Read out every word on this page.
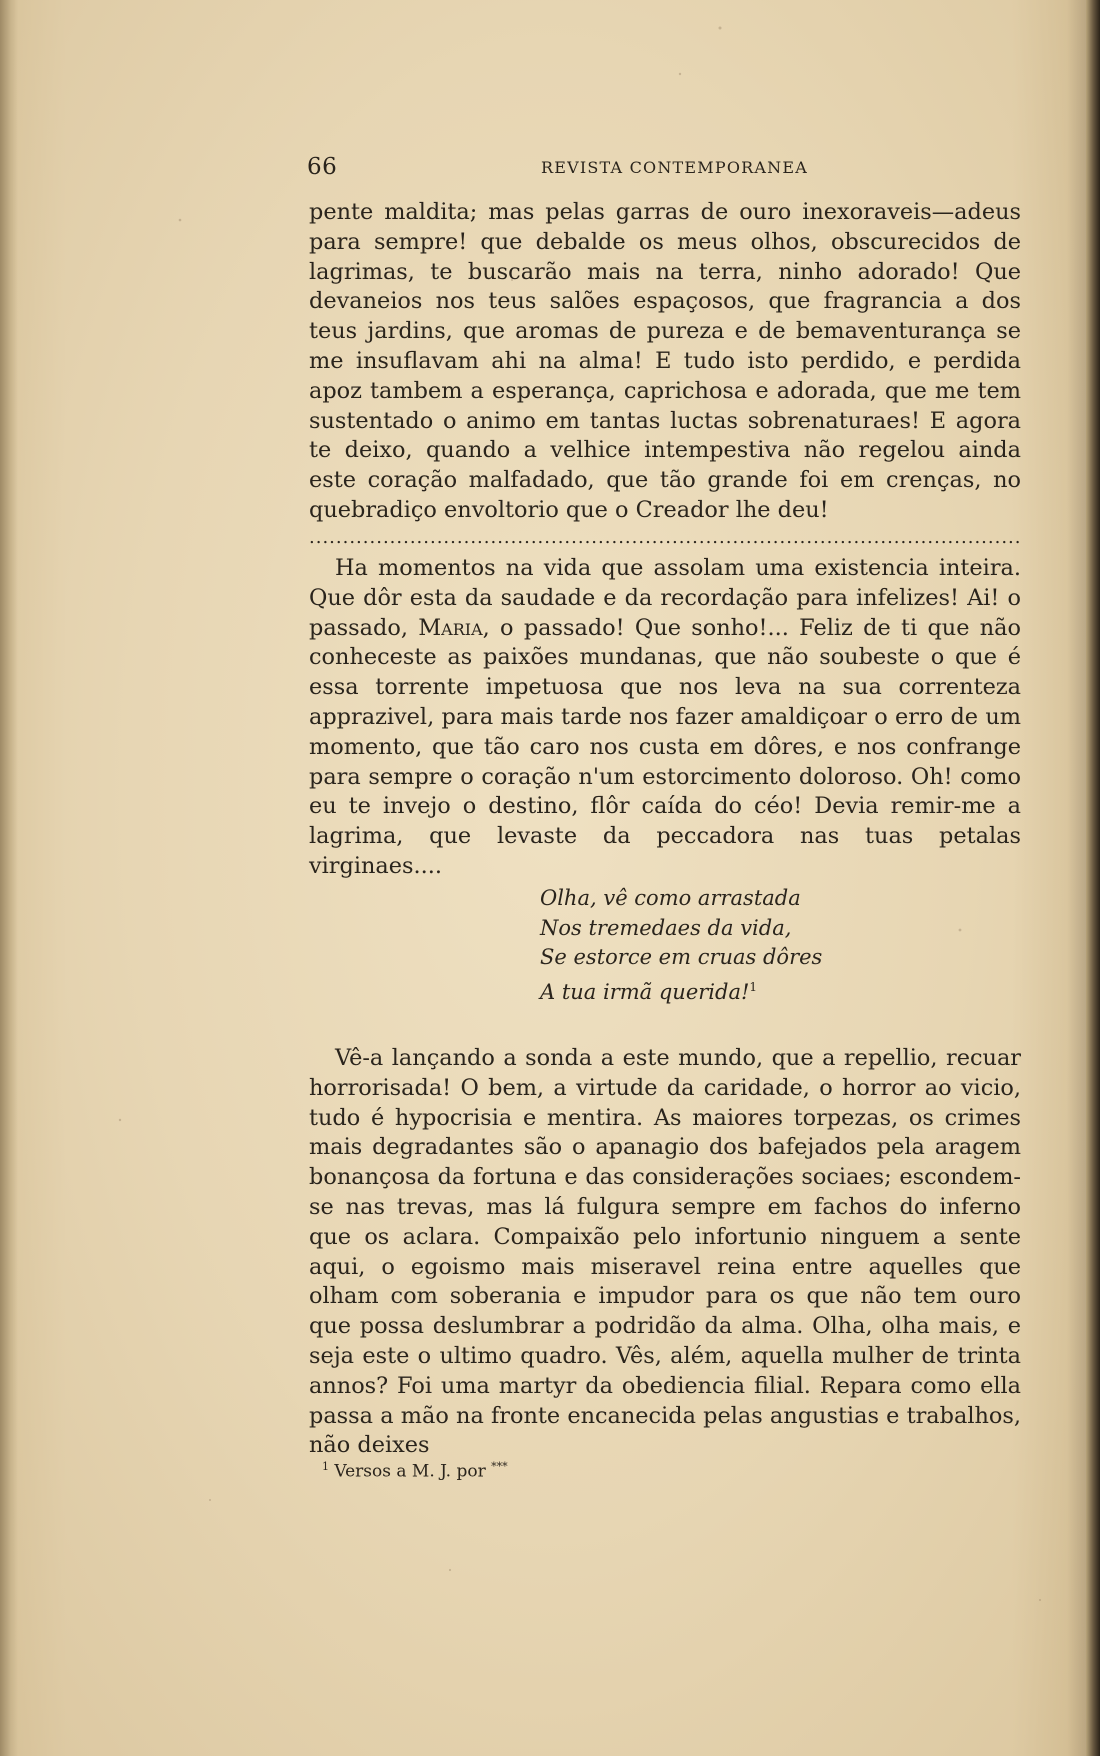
66	REVISTA CONTEMPORANEA

pente maldita; mas pelas garras de ouro inexoraveis—adeus para sempre! que debalde os meus olhos, obscurecidos de lagrimas, te buscarão mais na terra, ninho adorado! Que devaneios nos teus salões espaçosos, que fragrancia a dos teus jardins, que aromas de pureza e de bemaventurança se me insuflavam ahi na alma! E tudo isto perdido, e perdida apoz tambem a esperança, caprichosa e adorada, que me tem sustentado o animo em tantas luctas sobrenaturaes! E agora te deixo, quando a velhice intempestiva não regelou ainda este coração malfadado, que tão grande foi em crenças, no quebradiço envoltorio que o Creador lhe deu!

..........................................................................................................

Ha momentos na vida que assolam uma existencia inteira. Que dôr esta da saudade e da recordação para infelizes! Ai! o passado, Maria, o passado! Que sonho!... Feliz de ti que não conheceste as paixões mundanas, que não soubeste o que é essa torrente impetuosa que nos leva na sua correnteza apprazivel, para mais tarde nos fazer amaldiçoar o erro de um momento, que tão caro nos custa em dôres, e nos confrange para sempre o coração n'um estorcimento doloroso. Oh! como eu te invejo o destino, flôr caída do céo! Devia remir-me a lagrima, que levaste da peccadora nas tuas petalas virginaes....

Olha, vê como arrastada
Nos tremedaes da vida,
Se estorce em cruas dôres
A tua irmã querida!$^1$

Vê-a lançando a sonda a este mundo, que a repellio, recuar horrorisada! O bem, a virtude da caridade, o horror ao vicio, tudo é hypocrisia e mentira. As maiores torpezas, os crimes mais degradantes são o apanagio dos bafejados pela aragem bonançosa da fortuna e das considerações sociaes; escondem-se nas trevas, mas lá fulgura sempre em fachos do inferno que os aclara. Compaixão pelo infortunio ninguem a sente aqui, o egoismo mais miseravel reina entre aquelles que olham com soberania e impudor para os que não tem ouro que possa deslumbrar a podridão da alma. Olha, olha mais, e seja este o ultimo quadro. Vês, além, aquella mulher de trinta annos? Foi uma martyr da obediencia filial. Repara como ella passa a mão na fronte encanecida pelas angustias e trabalhos, não deixes

$^1$ Versos a M. J. por ***
